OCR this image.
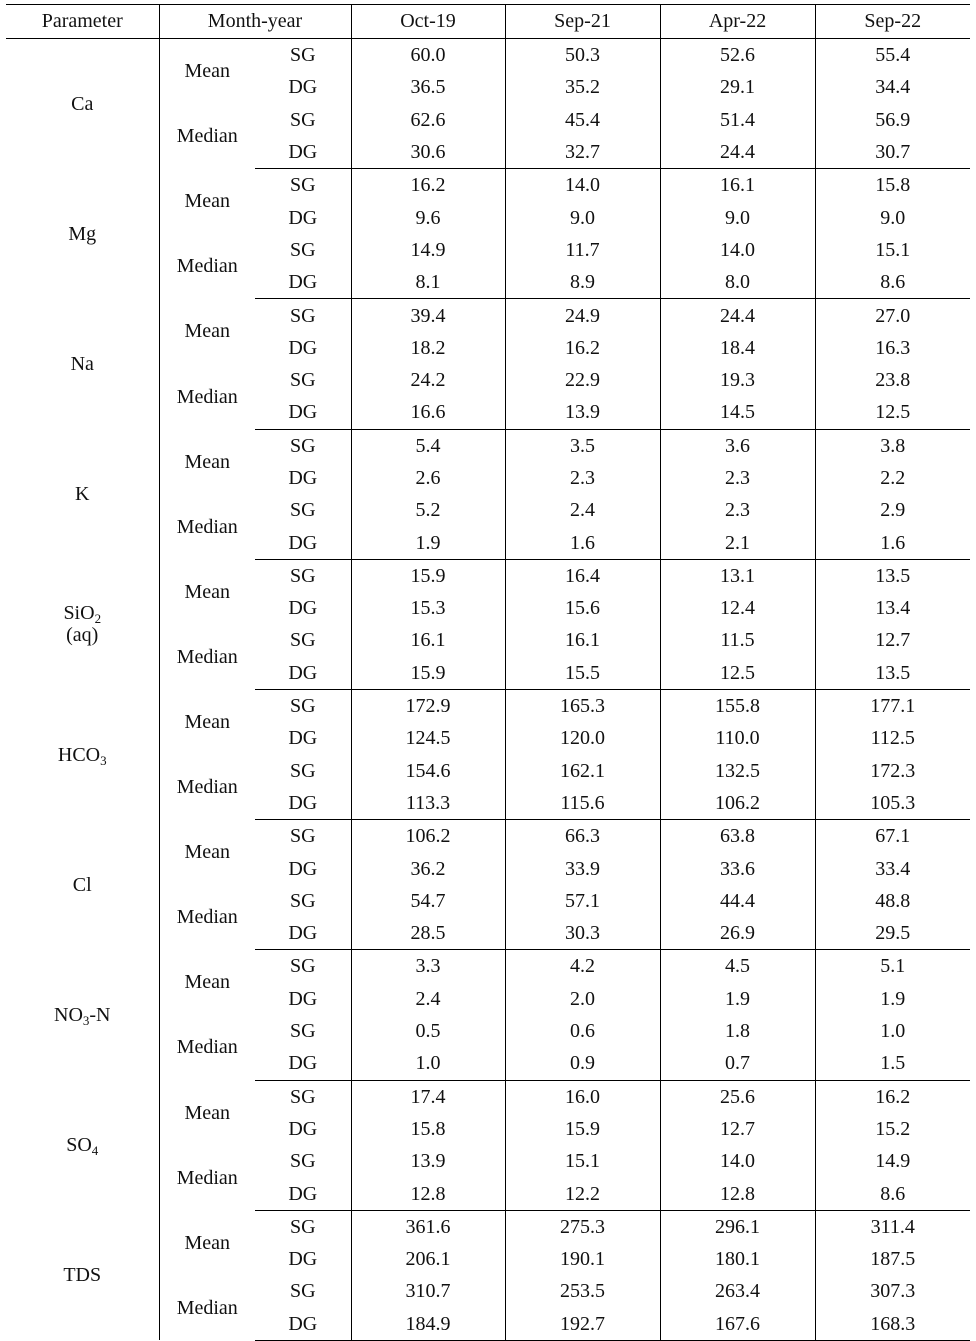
Parameter	Month-year		Oct-19	Sep-21	Apr-22	Sep-22
Ca	Mean	SG	60.0	50.3	52.6	55.4
		DG	36.5	35.2	29.1	34.4
	Median	SG	62.6	45.4	51.4	56.9
		DG	30.6	32.7	24.4	30.7
Mg	Mean	SG	16.2	14.0	16.1	15.8
		DG	9.6	9.0	9.0	9.0
	Median	SG	14.9	11.7	14.0	15.1
		DG	8.1	8.9	8.0	8.6
Na	Mean	SG	39.4	24.9	24.4	27.0
		DG	18.2	16.2	18.4	16.3
	Median	SG	24.2	22.9	19.3	23.8
		DG	16.6	13.9	14.5	12.5
K	Mean	SG	5.4	3.5	3.6	3.8
		DG	2.6	2.3	2.3	2.2
	Median	SG	5.2	2.4	2.3	2.9
		DG	1.9	1.6	2.1	1.6
SiO$_2$
(aq)	Mean	SG	15.9	16.4	13.1	13.5
		DG	15.3	15.6	12.4	13.4
	Median	SG	16.1	16.1	11.5	12.7
		DG	15.9	15.5	12.5	13.5
$HCO_3$	Mean	SG	172.9	165.3	155.8	177.1
		DG	124.5	120.0	110.0	112.5
	Median	SG	154.6	162.1	132.5	172.3
		DG	113.3	115.6	106.2	105.3
Cl	Mean	SG	106.2	66.3	63.8	67.1
		DG	36.2	33.9	33.6	33.4
	Median	SG	54.7	57.1	44.4	48.8
		DG	28.5	30.3	26.9	29.5
$NO_3-N$	Mean	SG	3.3	4.2	4.5	5.1
		DG	2.4	2.0	1.9	1.9
	Median	SG	0.5	0.6	1.8	1.0
		DG	1.0	0.9	0.7	1.5
$SO_4$	Mean	SG	17.4	16.0	25.6	16.2
		DG	15.8	15.9	12.7	15.2
	Median	SG	13.9	15.1	14.0	14.9
		DG	12.8	12.2	12.8	8.6
TDS	Mean	SG	361.6	275.3	296.1	311.4
		DG	206.1	190.1	180.1	187.5
	Median	SG	310.7	253.5	263.4	307.3
		DG	184.9	192.7	167.6	168.3
